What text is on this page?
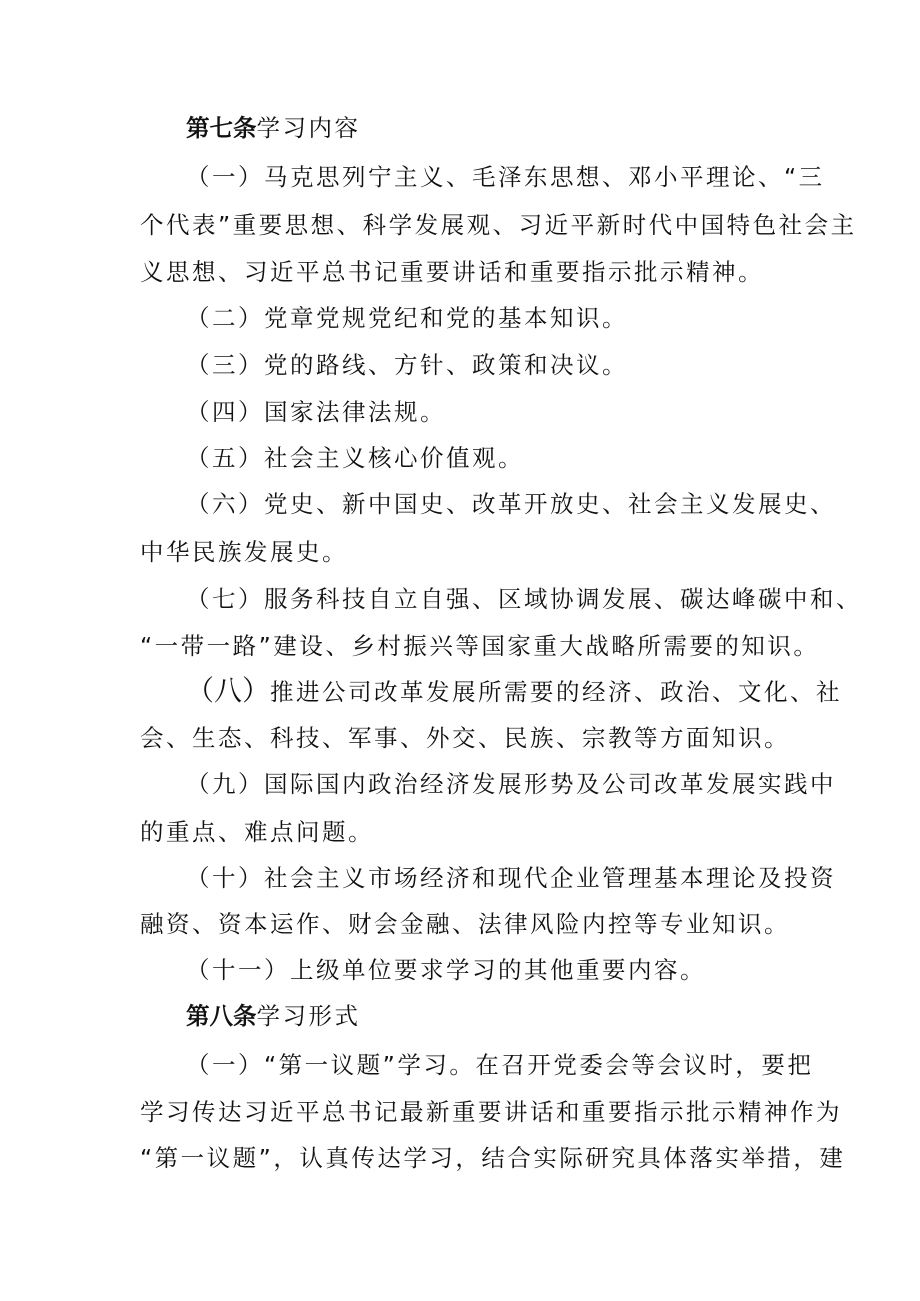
第七条学习内容
（一）马克思列宁主义、毛泽东思想、邓小平理论、“三
个代表”重要思想、科学发展观、习近平新时代中国特色社会主
义思想、习近平总书记重要讲话和重要指示批示精神。
（二）党章党规党纪和党的基本知识。
（三）党的路线、方针、政策和决议。
（四）国家法律法规。
（五）社会主义核心价值观。
（六）党史、新中国史、改革开放史、社会主义发展史、
中华民族发展史。
（七）服务科技自立自强、区域协调发展、碳达峰碳中和、
“一带一路”建设、乡村振兴等国家重大战略所需要的知识。
（八）推进公司改革发展所需要的经济、政治、文化、社
会、生态、科技、军事、外交、民族、宗教等方面知识。
（九）国际国内政治经济发展形势及公司改革发展实践中
的重点、难点问题。
（十）社会主义市场经济和现代企业管理基本理论及投资
融资、资本运作、财会金融、法律风险内控等专业知识。
（十一）上级单位要求学习的其他重要内容。
第八条学习形式
（一）“第一议题”学习。在召开党委会等会议时，要把
学习传达习近平总书记最新重要讲话和重要指示批示精神作为
“第一议题”，认真传达学习，结合实际研究具体落实举措，建
